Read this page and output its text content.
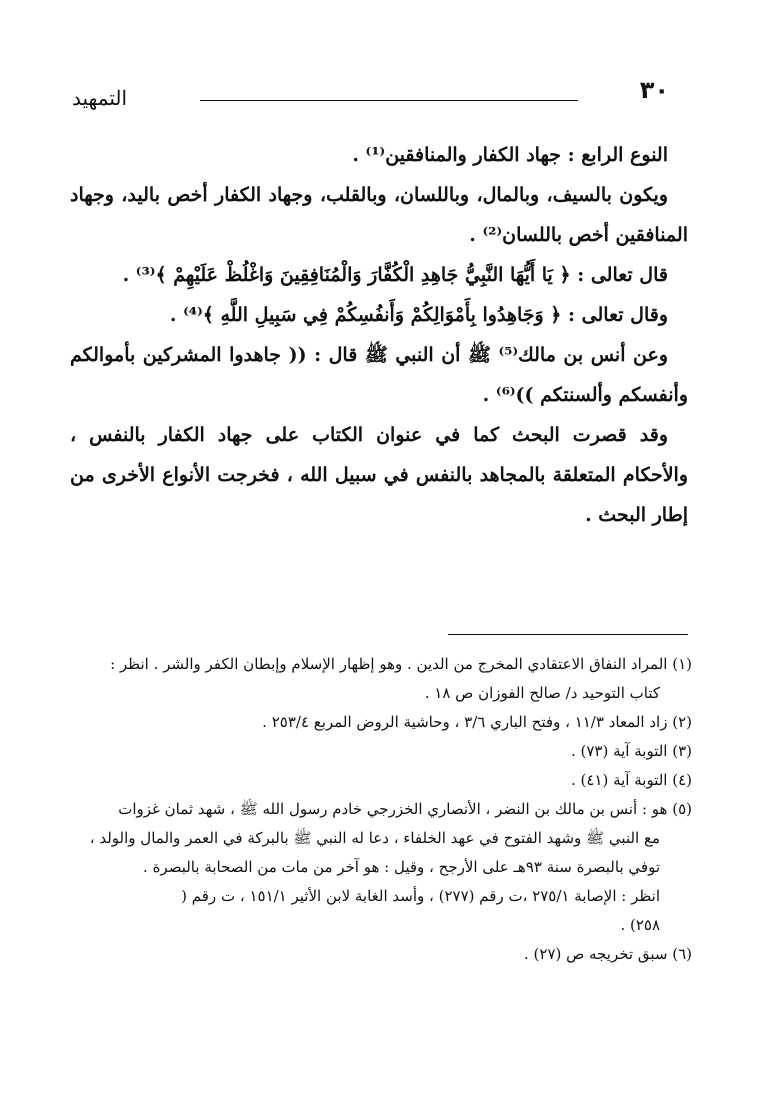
٣٠
التمهيد

النوع الرابع : جهاد الكفار والمنافقين⁽¹⁾ .

ويكون بالسيف، وبالمال، وباللسان، وبالقلب، وجهاد الكفار أخص باليد، وجهاد المنافقين أخص باللسان⁽²⁾ .

قال تعالى : ﴿ يَا أَيُّهَا النَّبِيُّ جَاهِدِ الْكُفَّارَ وَالْمُنَافِقِينَ وَاغْلُظْ عَلَيْهِمْ ﴾⁽³⁾ .

وقال تعالى : ﴿ وَجَاهِدُوا بِأَمْوَالِكُمْ وَأَنفُسِكُمْ فِي سَبِيلِ اللَّهِ ﴾⁽⁴⁾ .

وعن أنس بن مالك⁽⁵⁾ ﷺ أن النبي ﷺ قال : (( جاهدوا المشركين بأموالكم وأنفسكم وألسنتكم ))⁽⁶⁾ .

وقد قصرت البحث كما في عنوان الكتاب على جهاد الكفار بالنفس ، والأحكام المتعلقة بالمجاهد بالنفس في سبيل الله ، فخرجت الأنواع الأخرى من إطار البحث .

(١) المراد النفاق الاعتقادي المخرج من الدين . وهو إظهار الإسلام وإبطان الكفر والشر . انظر :

كتاب التوحيد د/ صالح الفوزان ص ١٨ .

(٢) زاد المعاد ١١/٣ ، وفتح الباري ٣/٦ ، وحاشية الروض المربع ٢٥٣/٤ .

(٣) التوبة آية (٧٣) .

(٤) التوبة آية (٤١) .

(٥) هو : أنس بن مالك بن النضر ، الأنصاري الخزرجي خادم رسول الله ﷺ ، شهد ثمان غزوات

مع النبي ﷺ وشهد الفتوح في عهد الخلفاء ، دعا له النبي ﷺ بالبركة في العمر والمال والولد ،

توفي بالبصرة سنة ٩٣هـ على الأرجح ، وقيل : هو آخر من مات من الصحابة بالبصرة .

انظر : الإصابة ٢٧٥/١ ،ت رقم (٢٧٧) ، وأسد الغابة لابن الأثير ١٥١/١ ، ت رقم (

٢٥٨) .

(٦) سبق تخريجه ص (٢٧) .
